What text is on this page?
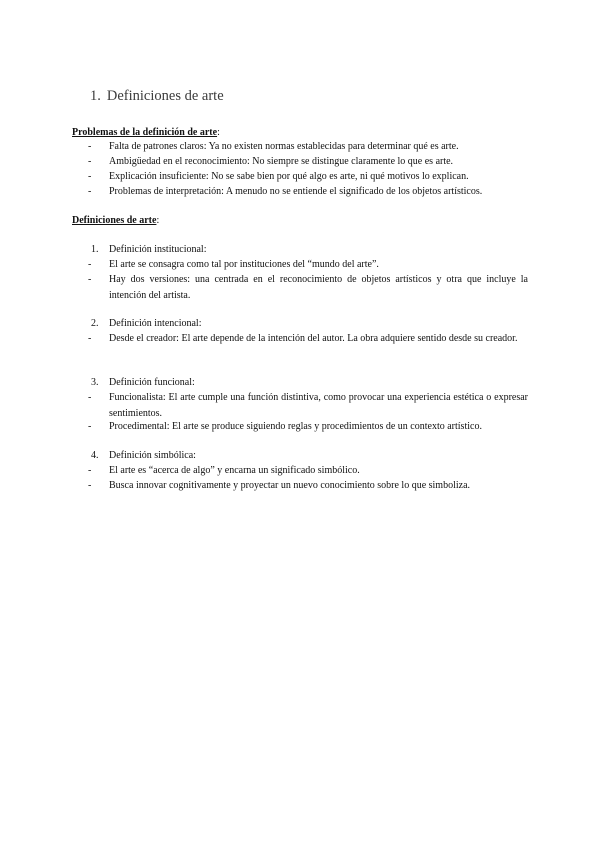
1. Definiciones de arte
Problemas de la definición de arte:
- Falta de patrones claros: Ya no existen normas establecidas para determinar qué es arte.
- Ambigüedad en el reconocimiento: No siempre se distingue claramente lo que es arte.
- Explicación insuficiente: No se sabe bien por qué algo es arte, ni qué motivos lo explican.
- Problemas de interpretación: A menudo no se entiende el significado de los objetos artísticos.
Definiciones de arte:
1. Definición institucional:
- El arte se consagra como tal por instituciones del “mundo del arte”.
- Hay dos versiones: una centrada en el reconocimiento de objetos artísticos y otra que incluye la intención del artista.
2. Definición intencional:
- Desde el creador: El arte depende de la intención del autor. La obra adquiere sentido desde su creador.
3. Definición funcional:
- Funcionalista: El arte cumple una función distintiva, como provocar una experiencia estética o expresar sentimientos.
- Procedimental: El arte se produce siguiendo reglas y procedimientos de un contexto artístico.
4. Definición simbólica:
- El arte es “acerca de algo” y encarna un significado simbólico.
- Busca innovar cognitivamente y proyectar un nuevo conocimiento sobre lo que simboliza.
